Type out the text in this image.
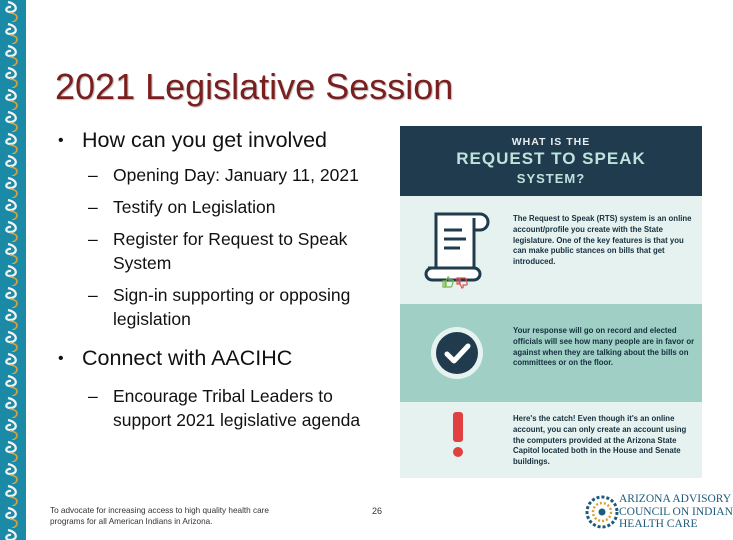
2021 Legislative Session
• How can you get involved
– Opening Day: January 11, 2021
– Testify on Legislation
– Register for Request to Speak System
– Sign-in supporting or opposing legislation
• Connect with AACIHC
– Encourage Tribal Leaders to support 2021 legislative agenda
To advocate for increasing access to high quality health care programs for all American Indians in Arizona.
26
WHAT IS THE
REQUEST TO SPEAK
SYSTEM?
The Request to Speak (RTS) system is an online account/profile you create with the State legislature. One of the key features is that you can make public stances on bills that get introduced.
Your response will go on record and elected officials will see how many people are in favor or against when they are talking about the bills on committees or on the floor.
Here's the catch! Even though it's an online account, you can only create an account using the computers provided at the Arizona State Capitol located both in the House and Senate buildings.
ARIZONA ADVISORY
COUNCIL ON INDIAN
HEALTH CARE
